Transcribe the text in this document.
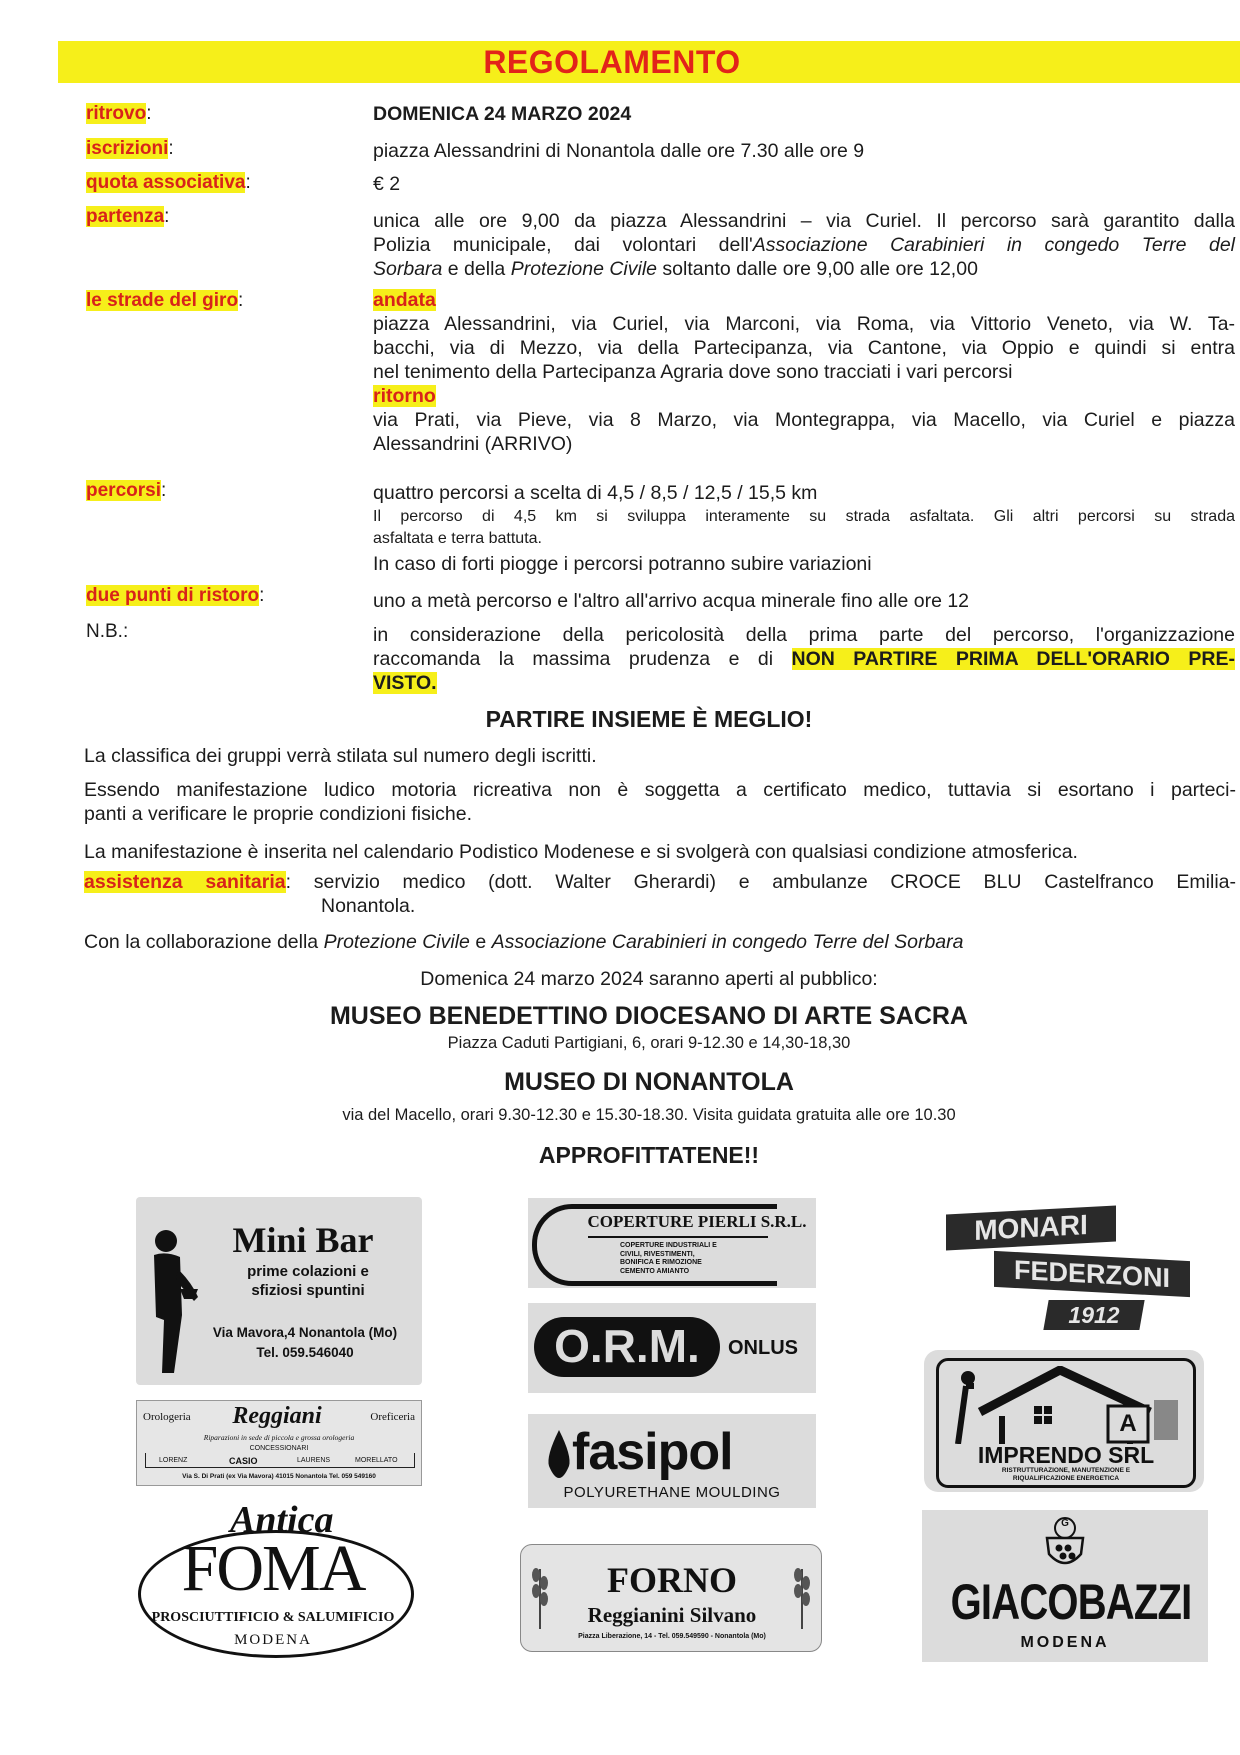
REGOLAMENTO
ritrovo:	DOMENICA 24 MARZO 2024
iscrizioni:	piazza Alessandrini di Nonantola dalle ore 7.30 alle ore 9
quota associativa:	€ 2
partenza:	unica alle ore 9,00 da piazza Alessandrini – via Curiel. Il percorso sarà garantito dalla
Polizia municipale, dai volontari dell'Associazione Carabinieri in congedo Terre del
Sorbara e della Protezione Civile soltanto dalle ore 9,00 alle ore 12,00
le strade del giro:	andata
piazza Alessandrini, via Curiel, via Marconi, via Roma, via Vittorio Veneto, via W. Ta-
bacchi, via di Mezzo, via della Partecipanza, via Cantone, via Oppio e quindi si entra
nel tenimento della Partecipanza Agraria dove sono tracciati i vari percorsi
ritorno
via Prati, via Pieve, via 8 Marzo, via Montegrappa, via Macello, via Curiel e piazza
Alessandrini (ARRIVO)
percorsi:	quattro percorsi a scelta di 4,5 / 8,5 / 12,5 / 15,5 km
Il percorso di 4,5 km si sviluppa interamente su strada asfaltata. Gli altri percorsi su strada
asfaltata e terra battuta.
In caso di forti piogge i percorsi potranno subire variazioni
due punti di ristoro:	uno a metà percorso e l'altro all'arrivo acqua minerale fino alle ore 12
N.B.:	in considerazione della pericolosità della prima parte del percorso, l'organizzazione
raccomanda la massima prudenza e di NON PARTIRE PRIMA DELL'ORARIO PRE-
VISTO.
PARTIRE INSIEME È MEGLIO!
La classifica dei gruppi verrà stilata sul numero degli iscritti.
Essendo manifestazione ludico motoria ricreativa non è soggetta a certificato medico, tuttavia si esortano i parteci-
panti a verificare le proprie condizioni fisiche.
La manifestazione è inserita nel calendario Podistico Modenese e si svolgerà con qualsiasi condizione atmosferica.
assistenza sanitaria: servizio medico (dott. Walter Gherardi) e ambulanze CROCE BLU Castelfranco Emilia-
Nonantola.
Con la collaborazione della Protezione Civile e Associazione Carabinieri in congedo Terre del Sorbara
Domenica 24 marzo 2024 saranno aperti al pubblico:
MUSEO BENEDETTINO DIOCESANO DI ARTE SACRA
Piazza Caduti Partigiani, 6, orari 9-12.30 e 14,30-18,30
MUSEO DI NONANTOLA
via del Macello, orari 9.30-12.30 e 15.30-18.30. Visita guidata gratuita alle ore 10.30
APPROFITTATENE!!
Mini Bar
prime colazioni e
sfiziosi spuntini
Via Mavora,4 Nonantola (Mo)
Tel. 059.546040
Orologeria	Reggiani	Oreficeria
Riparazioni in sede di piccola e grossa orologeria
CONCESSIONARI
LORENZ	CASIO	LAURENS	MORELLATO
Via S. Di Prati (ex Via Mavora) 41015 Nonantola Tel. 059 549160
Antica
FOMA
PROSCIUTTIFICIO & SALUMIFICIO
MODENA
COPERTURE PIERLI S.R.L.
COPERTURE INDUSTRIALI E
CIVILI, RIVESTIMENTI,
BONIFICA E RIMOZIONE
CEMENTO AMIANTO
O.R.M.	ONLUS
fasipol
POLYURETHANE MOULDING
FORNO
Reggianini Silvano
Piazza Liberazione, 14 - Tel. 059.549590 - Nonantola (Mo)
MONARI
FEDERZONI
1912
A
IMPRENDO SRL
RISTRUTTURAZIONE, MANUTENZIONE E
RIQUALIFICAZIONE ENERGETICA
G
GIACOBAZZI
MODENA
